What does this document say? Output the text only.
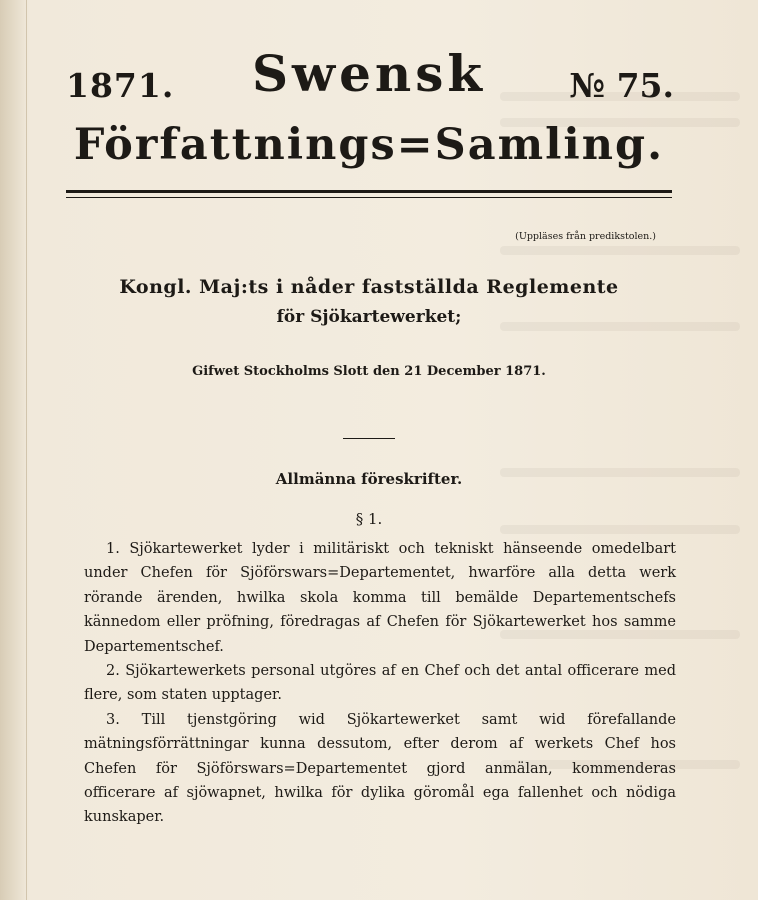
1871.	Swensk	№ 75.
Författnings=Samling.
(Uppläses från predikstolen.)
Kongl. Maj:ts i nåder fastställda Reglemente
för Sjökartewerket;
Gifwet Stockholms Slott den 21 December 1871.
Allmänna föreskrifter.
§ 1.

1. Sjökartewerket lyder i militäriskt och tekniskt hänseende omedelbart under Chefen för Sjöförswars=Departementet, hwarföre alla detta werk rörande ärenden, hwilka skola komma till bemälde Departementschefs kännedom eller pröfning, föredragas af Chefen för Sjökartewerket hos samme Departementschef.

2. Sjökartewerkets personal utgöres af en Chef och det antal officerare med flere, som staten upptager.

3. Till tjenstgöring wid Sjökartewerket samt wid förefallande mätningsförrättningar kunna dessutom, efter derom af werkets Chef hos Chefen för Sjöförswars=Departementet gjord anmälan, kommenderas officerare af sjöwapnet, hwilka för dylika göromål ega fallenhet och nödiga kunskaper.
